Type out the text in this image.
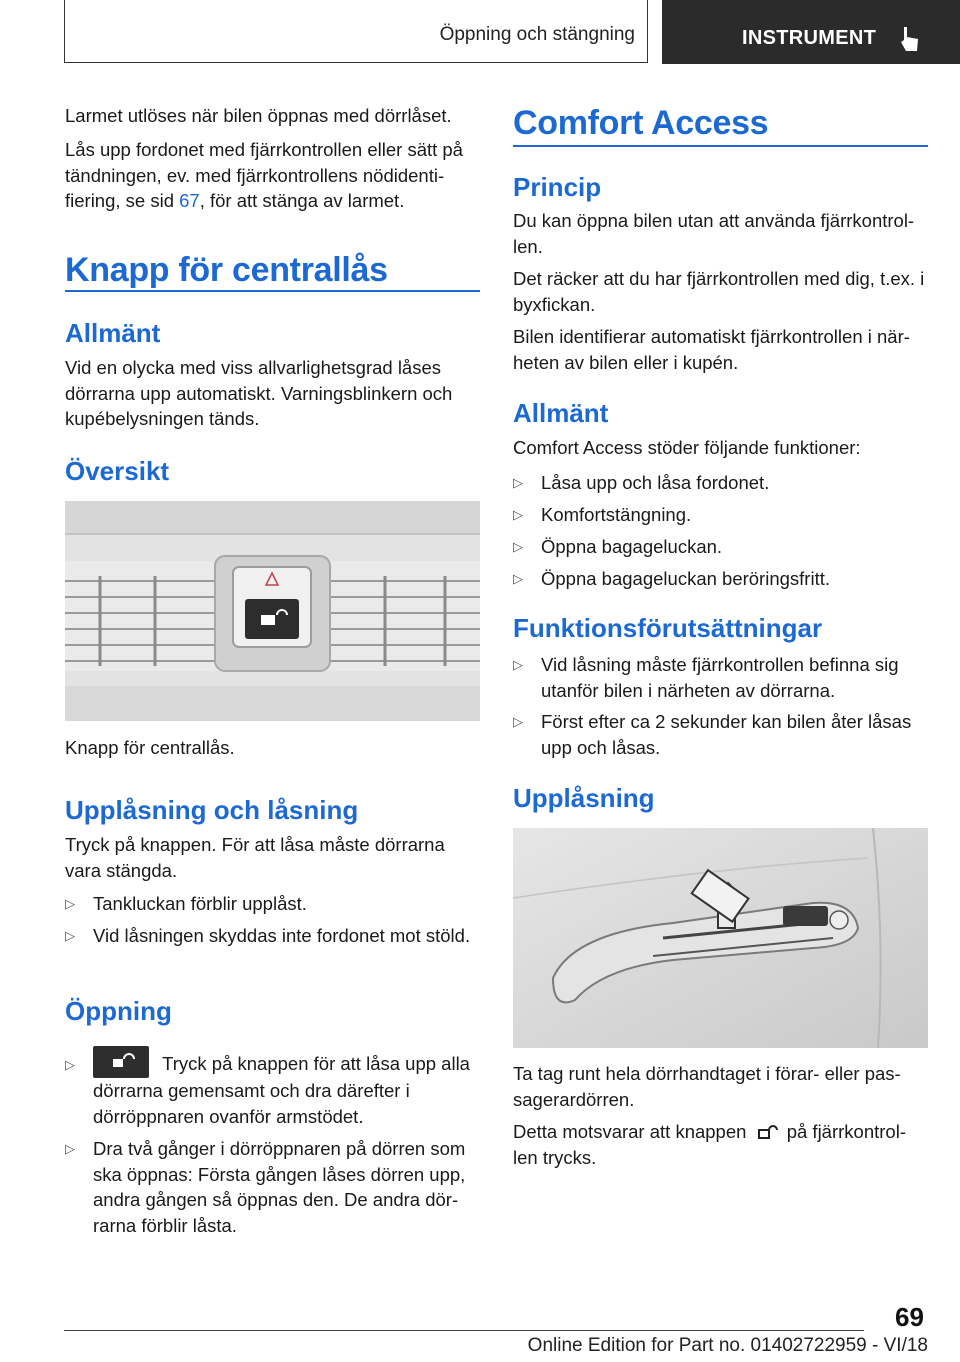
Öppning och stängning	INSTRUMENT

Larmet utlöses när bilen öppnas med dörrlåset.

Lås upp fordonet med fjärrkontrollen eller sätt på tändningen, ev. med fjärrkontrollens nödidenti-fiering, se sid 67, för att stänga av larmet.

Knapp för centrallås
Allmänt

Vid en olycka med viss allvarlighetsgrad låses dörrarna upp automatiskt. Varningsblinkern och kupébelysningen tänds.

Översikt

Knapp för centrallås.

Upplåsning och låsning

Tryck på knappen. För att låsa måste dörrarna vara stängda.

▷ Tankluckan förblir upplåst.
▷ Vid låsningen skyddas inte fordonet mot stöld.
Öppning
▷	Tryck på knappen för att låsa upp alla dörrarna gemensamt och dra därefter i dörröppnaren ovanför armstödet.
▷ Dra två gånger i dörröppnaren på dörren som ska öppnas: Första gången låses dörren upp, andra gången så öppnas den. De andra dör-rarna förblir låsta.
Comfort Access
Princip

Du kan öppna bilen utan att använda fjärrkontrol-len.

Det räcker att du har fjärrkontrollen med dig, t.ex. i byxfickan.

Bilen identifierar automatiskt fjärrkontrollen i när-heten av bilen eller i kupén.

Allmänt

Comfort Access stöder följande funktioner:

▷ Låsa upp och låsa fordonet.
▷ Komfortstängning.
▷ Öppna bagageluckan.
▷ Öppna bagageluckan beröringsfritt.
Funktionsförutsättningar
▷ Vid låsning måste fjärrkontrollen befinna sig utanför bilen i närheten av dörrarna.
▷ Först efter ca 2 sekunder kan bilen åter låsas upp och låsas.
Upplåsning

Ta tag runt hela dörrhandtaget i förar- eller pas-sagerardörren.

Detta motsvarar att knappen på fjärrkontrol-len trycks.

69
Online Edition for Part no. 01402722959 - VI/18
